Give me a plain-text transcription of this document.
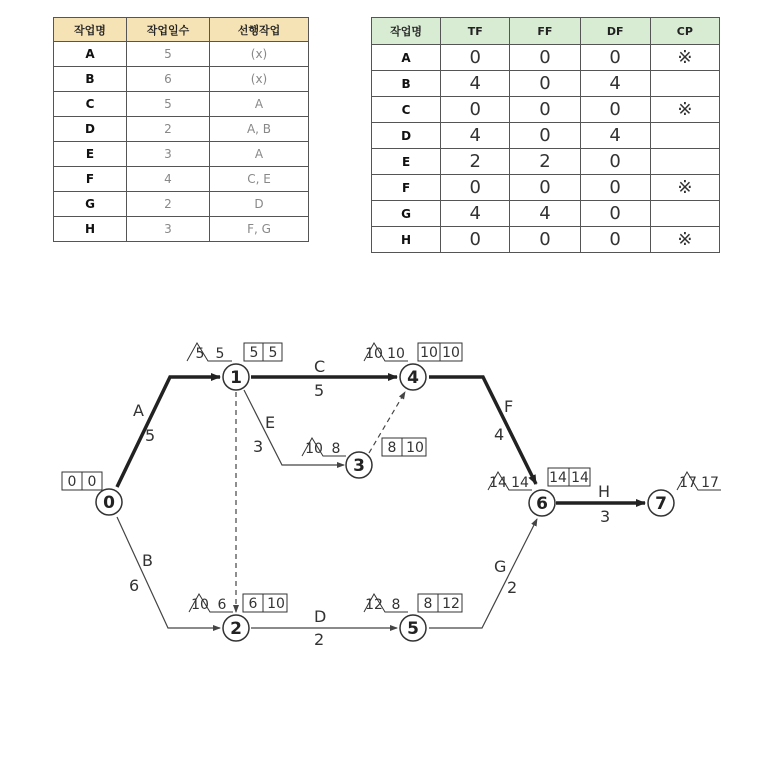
작업명	작업일수	선행작업
A	5	(x)
B	6	(x)
C	5	A
D	2	A, B
E	3	A
F	4	C, E
G	2	D
H	3	F, G
작업명	TF	FF	DF	CP
A	0	0	0	※
B	4	0	4	
C	0	0	0	※
D	4	0	4	
E	2	2	0	
F	0	0	0	※
G	4	4	0	
H	0	0	0	※
A
5
B
6
C
5
D
2
E
3
F
4
G
2
H
3
0
1
2
3
4
5
6	7
0 0
5 5
6 10
8 10
10 10
8 12
14 14
5 5
10 6
10 8
10 10
12 8
14 14	17 17
